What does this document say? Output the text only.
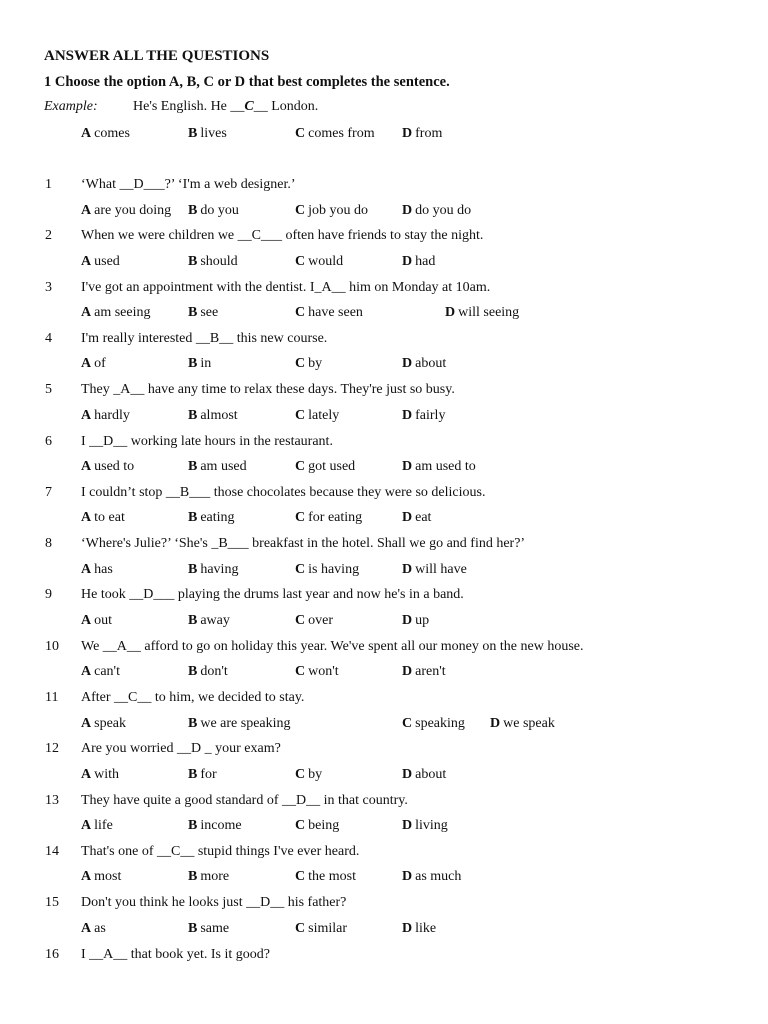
ANSWER ALL THE QUESTIONS
1 Choose the option A, B, C or D that best completes the sentence.
Example:	He's English. He __C__ London.
A comes	B lives	C comes from D from
1 ‘What __D___?’ ‘I'm a web designer.’
A are you doing B do you	C job you do D do you do
2 When we were children we __C___ often have friends to stay the night.
A used	B should	C would	D had
3 I've got an appointment with the dentist. I_A__ him on Monday at 10am.
A am seeing	B see	C have seen	D will seeing
4 I'm really interested __B__ this new course.
A of	B in	C by	D about
5 They _A__ have any time to relax these days. They're just so busy.
A hardly	B almost	C lately	D fairly
6 I __D__ working late hours in the restaurant.
A used to	B am used	C got used	D am used to
7 I couldn’t stop __B___ those chocolates because they were so delicious.
A to eat	B eating	C for eating	D eat
8 ‘Where's Julie?’ ‘She's _B___ breakfast in the hotel. Shall we go and find her?’
A has	B having	C is having	D will have
9 He took __D___ playing the drums last year and now he's in a band.
A out	B away	C over	D up
10 We __A__ afford to go on holiday this year. We've spent all our money on the new house.
A can't	B don't	C won't	D aren't
11 After __C__ to him, we decided to stay.
A speak	B we are speaking	C speaking D we speak
12 Are you worried __D _ your exam?
A with	B for	C by	D about
13 They have quite a good standard of __D__ in that country.
A life	B income	C being	D living
14 That's one of __C__ stupid things I've ever heard.
A most	B more	C the most	D as much
15 Don't you think he looks just __D__ his father?
A as	B same	C similar	D like
16 I __A__ that book yet. Is it good?
